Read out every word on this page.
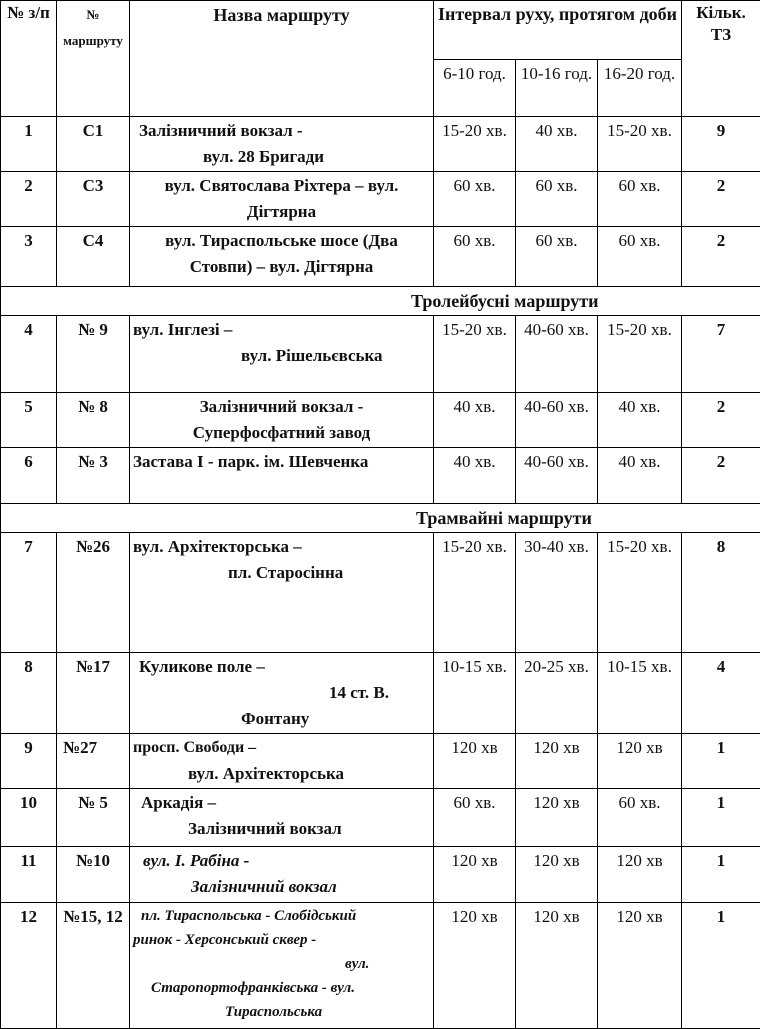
№ з/п	№ маршруту	Назва маршруту	Інтервал руху, протягом доби			Кільк. ТЗ
			6-10 год.	10-16 год.	16-20 год.	
1	С1	Залізничний вокзал -
вул. 28 Бригади	15-20 хв.	40 хв.	15-20 хв.	9
2	С3	вул. Святослава Ріхтера – вул.
Дігтярна	60 хв.	60 хв.	60 хв.	2
3	С4	вул. Тираспольське шосе (Два
Стовпи) – вул. Дігтярна	60 хв.	60 хв.	60 хв.	2
Тролейбусні маршрути						
4	№ 9	вул. Інглезі –
вул. Рішельєвська	15-20 хв.	40-60 хв.	15-20 хв.	7
5	№ 8	Залізничний вокзал -
Суперфосфатний завод	40 хв.	40-60 хв.	40 хв.	2
6	№ 3	Застава І - парк. ім. Шевченка	40 хв.	40-60 хв.	40 хв.	2
Трамвайні маршрути						
7	№26	вул. Архітекторська –
пл. Старосінна	15-20 хв.	30-40 хв.	15-20 хв.	8
8	№17	Куликове поле –
14 ст. В.
Фонтану	10-15 хв.	20-25 хв.	10-15 хв.	4
9	№27	просп. Свободи –
вул. Архітекторська	120 хв	120 хв	120 хв	1
10	№ 5	Аркадія –
Залізничний вокзал	60 хв.	120 хв	60 хв.	1
11	№10	вул. І. Рабіна -
Залізничний вокзал	120 хв	120 хв	120 хв	1
12	№15, 12	пл. Тираспольська - Слобідський
ринок - Херсонський сквер -
вул.
Старопортофранківська - вул.
Тираспольська	120 хв	120 хв	120 хв	1
